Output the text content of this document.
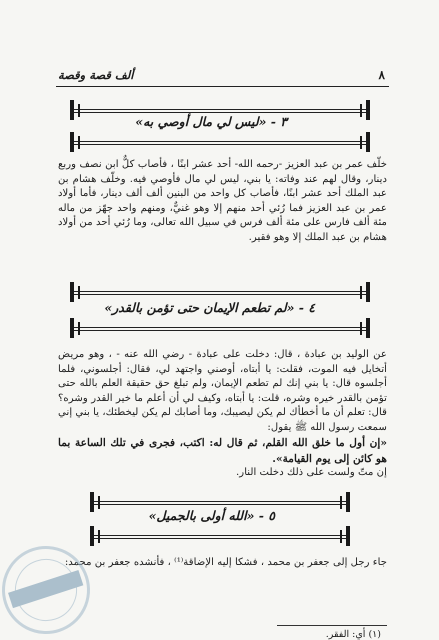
٨
ألف قصة وقصة
٣ - «ليس لي مال أوصي به»

خلّف عمر بن عبد العزيز -رحمه الله- أحد عشر ابنًا ، فأصاب كلٌّ ابن نصف وربع دينار، وقال لهم عند وفاته: يا بني، ليس لي مال فأوصي فيه. وخلّف هشام بن عبد الملك أحد عشر ابنًا، فأصاب كل واحد من البنين ألف ألف دينار، فأما أولاد عمر بن عبد العزيز فما رُئي أحد منهم إلا وهو غنيٌّ، ومنهم واحد جهّز من ماله مئة ألف فارس على مئة ألف فرس في سبيل الله تعالى، وما رُئي أحد من أولاد هشام بن عبد الملك إلا وهو فقير.

٤ - «لم تطعم الإيمان حتى تؤمن بالقدر»

عن الوليد بن عبادة ، قال: دخلت على عبادة - رضي الله عنه - ، وهو مريض أتخايل فيه الموت، فقلت: يا أبتاه، أوصني واجتهد لي، فقال: أجلسوني، فلما أجلسوه قال: يا بني إنك لم تطعم الإيمان، ولم تبلغ حق حقيقة العلم بالله حتى تؤمن بالقدر خيره وشره، قلت: يا أبتاه، وكيف لي أن أعلم ما خير القدر وشره؟ قال: تعلم أن ما أخطأك لم يكن ليصيبك، وما أصابك لم يكن ليخطئك، يا بني إني سمعت رسول الله ﷺ يقول:

«إن أول ما خلق الله القلم، ثم قال له: اكتب، فجرى في تلك الساعة بما هو كائن إلى يوم القيامة».

إن متّ ولست على ذلك دخلت النار.

٥ - «الله أولى بالجميل»

جاء رجل إلى جعفر بن محمد ، فشكا إليه الإضاقة⁽¹⁾ ، فأنشده جعفر بن محمد:

(١) أي: الفقر.
